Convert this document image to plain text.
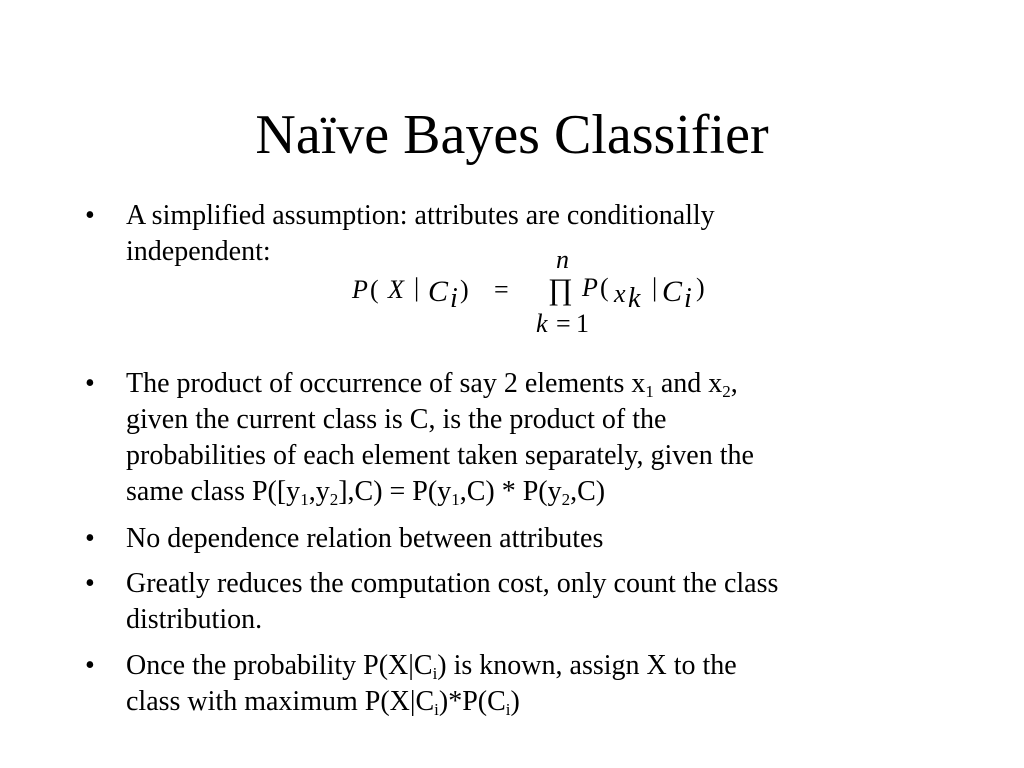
Naïve Bayes Classifier
•	A simplified assumption: attributes are conditionally
independent:
P ( X | C i ) =
n
∏
k = 1
P ( x k | C i )
•	The product of occurrence of say 2 elements $x_1$ and $x_2$,
given the current class is C, is the product of the
probabilities of each element taken separately, given the
same class $P([y_1,y_2],C) = P(y_1,C) * P(y_2,C)$
•	No dependence relation between attributes
•	Greatly reduces the computation cost, only count the class
distribution.
•	Once the probability $P(X|C_i)$ is known, assign X to the
class with maximum $P(X|C_i)*P(C_i)$
